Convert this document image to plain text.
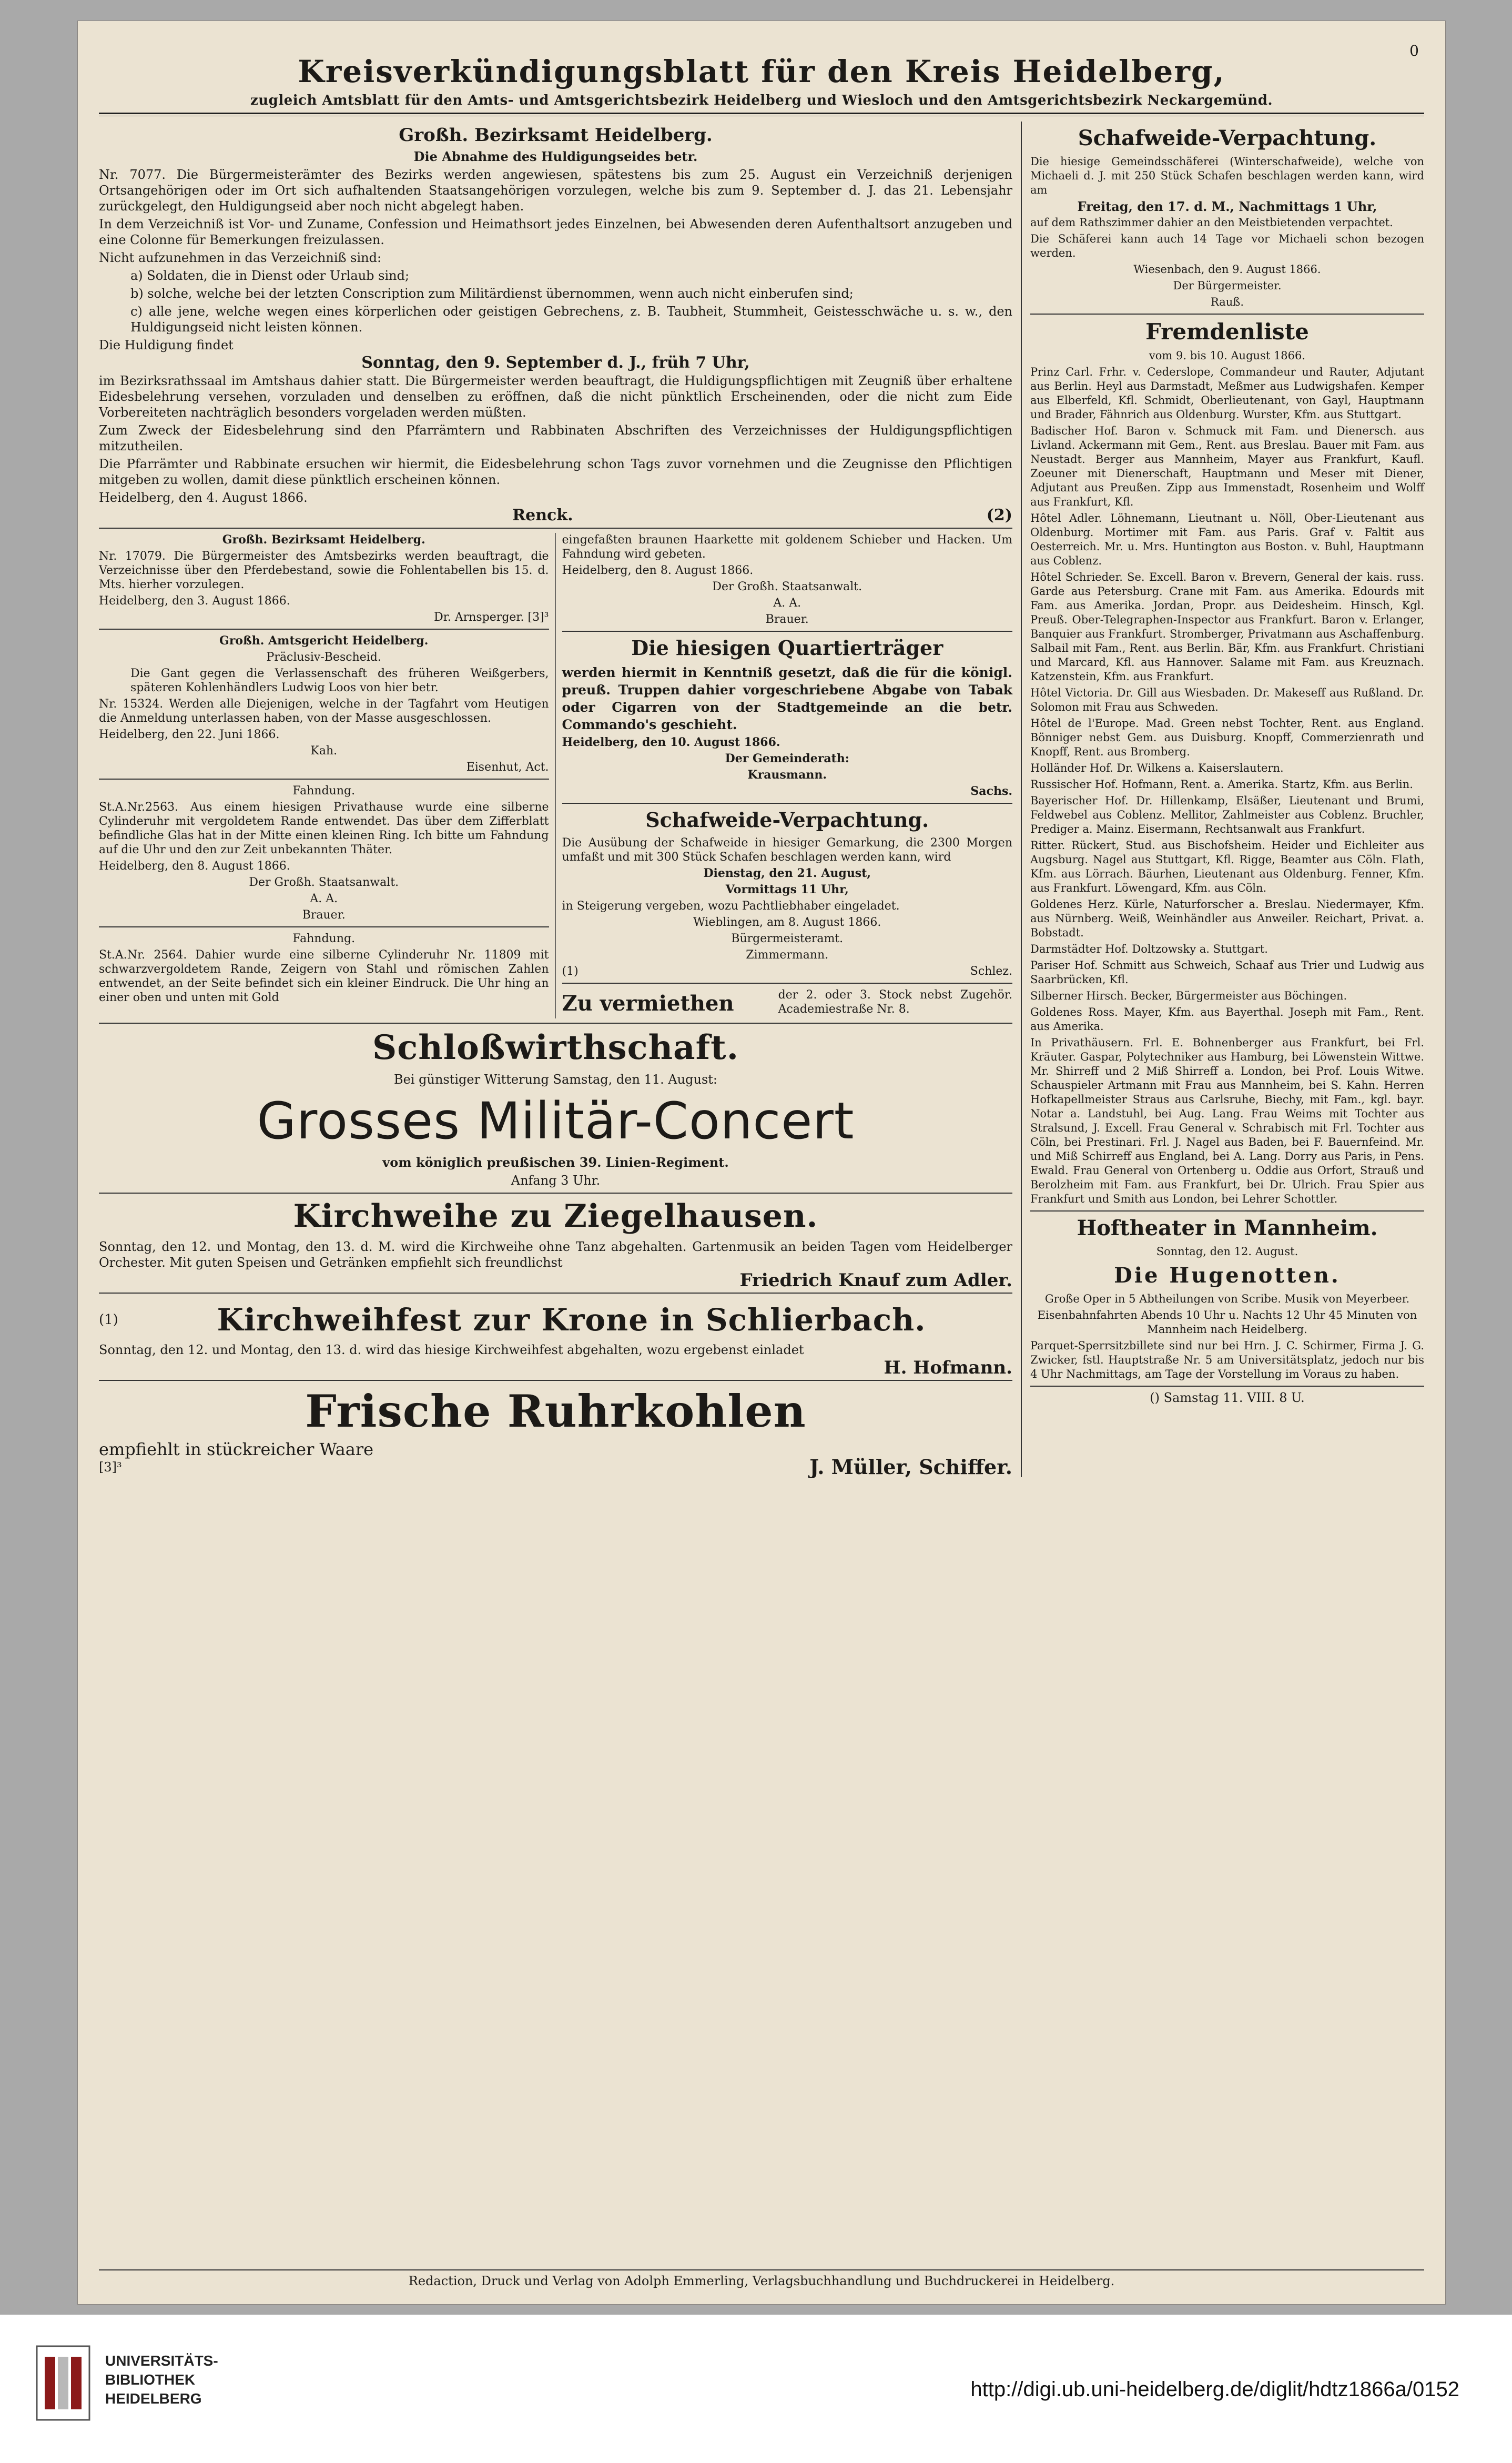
0
Kreisverkündigungsblatt für den Kreis Heidelberg,
zugleich Amtsblatt für den Amts- und Amtsgerichtsbezirk Heidelberg und Wiesloch und den Amtsgerichtsbezirk Neckargemünd.
Großh. Bezirksamt Heidelberg.

Die Abnahme des Huldigungseides betr.

Nr. 7077. Die Bürgermeisterämter des Bezirks werden angewiesen, spätestens bis zum 25. August ein Verzeichniß derjenigen Ortsangehörigen oder im Ort sich aufhaltenden Staatsangehörigen vorzulegen, welche bis zum 9. September d. J. das 21. Lebensjahr zurückgelegt, den Huldigungseid aber noch nicht abgelegt haben.

In dem Verzeichniß ist Vor- und Zuname, Confession und Heimathsort jedes Einzelnen, bei Abwesenden deren Aufenthaltsort anzugeben und eine Colonne für Bemerkungen freizulassen.

Nicht aufzunehmen in das Verzeichniß sind:

a) Soldaten, die in Dienst oder Urlaub sind;

b) solche, welche bei der letzten Conscription zum Militärdienst übernommen, wenn auch nicht einberufen sind;

c) alle jene, welche wegen eines körperlichen oder geistigen Gebrechens, z. B. Taubheit, Stummheit, Geistesschwäche u. s. w., den Huldigungseid nicht leisten können.

Die Huldigung findet

Sonntag, den 9. September d. J., früh 7 Uhr,

im Bezirksrathssaal im Amtshaus dahier statt. Die Bürgermeister werden beauftragt, die Huldigungspflichtigen mit Zeugniß über erhaltene Eidesbelehrung versehen, vorzuladen und denselben zu eröffnen, daß die nicht pünktlich Erscheinenden, oder die nicht zum Eide Vorbereiteten nachträglich besonders vorgeladen werden müßten.

Zum Zweck der Eidesbelehrung sind den Pfarrämtern und Rabbinaten Abschriften des Verzeichnisses der Huldigungspflichtigen mitzutheilen.

Die Pfarrämter und Rabbinate ersuchen wir hiermit, die Eidesbelehrung schon Tags zuvor vornehmen und die Zeugnisse den Pflichtigen mitgeben zu wollen, damit diese pünktlich erscheinen können.

Heidelberg, den 4. August 1866.

Renck.	(2)

Großh. Bezirksamt Heidelberg.

Nr. 17079. Die Bürgermeister des Amtsbezirks werden beauftragt, die Verzeichnisse über den Pferdebestand, sowie die Fohlentabellen bis 15. d. Mts. hierher vorzulegen.

Heidelberg, den 3. August 1866.

Dr. Arnsperger. [3]³

Großh. Amtsgericht Heidelberg.

Präclusiv-Bescheid.

Die Gant gegen die Verlassenschaft des früheren Weißgerbers, späteren Kohlenhändlers Ludwig Loos von hier betr.

Nr. 15324. Werden alle Diejenigen, welche in der Tagfahrt vom Heutigen die Anmeldung unterlassen haben, von der Masse ausgeschlossen.

Heidelberg, den 22. Juni 1866.

Kah.

Eisenhut, Act.

Fahndung.

St.A.Nr.2563. Aus einem hiesigen Privathause wurde eine silberne Cylinderuhr mit vergoldetem Rande entwendet. Das über dem Zifferblatt befindliche Glas hat in der Mitte einen kleinen Ring. Ich bitte um Fahndung auf die Uhr und den zur Zeit unbekannten Thäter.

Heidelberg, den 8. August 1866.

Der Großh. Staatsanwalt.

A. A.

Brauer.

Fahndung.

St.A.Nr. 2564. Dahier wurde eine silberne Cylinderuhr Nr. 11809 mit schwarzvergoldetem Rande, Zeigern von Stahl und römischen Zahlen entwendet, an der Seite befindet sich ein kleiner Eindruck. Die Uhr hing an einer oben und unten mit Gold

eingefaßten braunen Haarkette mit goldenem Schieber und Hacken. Um Fahndung wird gebeten.

Heidelberg, den 8. August 1866.

Der Großh. Staatsanwalt.

A. A.

Brauer.

Die hiesigen Quartierträger

werden hiermit in Kenntniß gesetzt, daß die für die königl. preuß. Truppen dahier vorgeschriebene Abgabe von Tabak oder Cigarren von der Stadtgemeinde an die betr. Commando's geschieht.

Heidelberg, den 10. August 1866.

Der Gemeinderath:

Krausmann.

Sachs.

Schafweide-Verpachtung.

Die Ausübung der Schafweide in hiesiger Gemarkung, die 2300 Morgen umfaßt und mit 300 Stück Schafen beschlagen werden kann, wird

Dienstag, den 21. August,

Vormittags 11 Uhr,

in Steigerung vergeben, wozu Pachtliebhaber eingeladet.

Wieblingen, am 8. August 1866.

Bürgermeisteramt.

Zimmermann.

(1)	Schlez.

Zu vermiethen	der 2. oder 3. Stock nebst Zugehör. Academiestraße Nr. 8.

Schloßwirthschaft.

Bei günstiger Witterung Samstag, den 11. August:

Grosses Militär-Concert

vom königlich preußischen 39. Linien-Regiment.

Anfang 3 Uhr.

Kirchweihe zu Ziegelhausen.

Sonntag, den 12. und Montag, den 13. d. M. wird die Kirchweihe ohne Tanz abgehalten. Gartenmusik an beiden Tagen vom Heidelberger Orchester. Mit guten Speisen und Getränken empfiehlt sich freundlichst

Friedrich Knauf zum Adler.

(1)	Kirchweihfest zur Krone in Schlierbach.

Sonntag, den 12. und Montag, den 13. d. wird das hiesige Kirchweihfest abgehalten, wozu ergebenst einladet

H. Hofmann.

Frische Ruhrkohlen

empfiehlt in stückreicher Waare

[3]³	J. Müller, Schiffer.

Schafweide-Verpachtung.

Die hiesige Gemeindsschäferei (Winterschafweide), welche von Michaeli d. J. mit 250 Stück Schafen beschlagen werden kann, wird am

Freitag, den 17. d. M., Nachmittags 1 Uhr,

auf dem Rathszimmer dahier an den Meistbietenden verpachtet.

Die Schäferei kann auch 14 Tage vor Michaeli schon bezogen werden.

Wiesenbach, den 9. August 1866.

Der Bürgermeister.

Rauß.

Fremdenliste

vom 9. bis 10. August 1866.

Prinz Carl. Frhr. v. Cederslope, Commandeur und Rauter, Adjutant aus Berlin. Heyl aus Darmstadt, Meßmer aus Ludwigshafen. Kemper aus Elberfeld, Kfl. Schmidt, Oberlieutenant, von Gayl, Hauptmann und Brader, Fähnrich aus Oldenburg. Wurster, Kfm. aus Stuttgart.

Badischer Hof. Baron v. Schmuck mit Fam. und Dienersch. aus Livland. Ackermann mit Gem., Rent. aus Breslau. Bauer mit Fam. aus Neustadt. Berger aus Mannheim, Mayer aus Frankfurt, Kaufl. Zoeuner mit Dienerschaft, Hauptmann und Meser mit Diener, Adjutant aus Preußen. Zipp aus Immenstadt, Rosenheim und Wolff aus Frankfurt, Kfl.

Hôtel Adler. Löhnemann, Lieutnant u. Nöll, Ober-Lieutenant aus Oldenburg. Mortimer mit Fam. aus Paris. Graf v. Faltit aus Oesterreich. Mr. u. Mrs. Huntington aus Boston. v. Buhl, Hauptmann aus Coblenz.

Hôtel Schrieder. Se. Excell. Baron v. Brevern, General der kais. russ. Garde aus Petersburg. Crane mit Fam. aus Amerika. Edourds mit Fam. aus Amerika. Jordan, Propr. aus Deidesheim. Hinsch, Kgl. Preuß. Ober-Telegraphen-Inspector aus Frankfurt. Baron v. Erlanger, Banquier aus Frankfurt. Stromberger, Privatmann aus Aschaffenburg. Salbail mit Fam., Rent. aus Berlin. Bär, Kfm. aus Frankfurt. Christiani und Marcard, Kfl. aus Hannover. Salame mit Fam. aus Kreuznach. Katzenstein, Kfm. aus Frankfurt.

Hôtel Victoria. Dr. Gill aus Wiesbaden. Dr. Makeseff aus Rußland. Dr. Solomon mit Frau aus Schweden.

Hôtel de l'Europe. Mad. Green nebst Tochter, Rent. aus England. Bönniger nebst Gem. aus Duisburg. Knopff, Commerzienrath und Knopff, Rent. aus Bromberg.

Holländer Hof. Dr. Wilkens a. Kaiserslautern.

Russischer Hof. Hofmann, Rent. a. Amerika. Startz, Kfm. aus Berlin.

Bayerischer Hof. Dr. Hillenkamp, Elsäßer, Lieutenant und Brumi, Feldwebel aus Coblenz. Mellitor, Zahlmeister aus Coblenz. Bruchler, Prediger a. Mainz. Eisermann, Rechtsanwalt aus Frankfurt.

Ritter. Rückert, Stud. aus Bischofsheim. Heider und Eichleiter aus Augsburg. Nagel aus Stuttgart, Kfl. Rigge, Beamter aus Cöln. Flath, Kfm. aus Lörrach. Bäurhen, Lieutenant aus Oldenburg. Fenner, Kfm. aus Frankfurt. Löwengard, Kfm. aus Cöln.

Goldenes Herz. Kürle, Naturforscher a. Breslau. Niedermayer, Kfm. aus Nürnberg. Weiß, Weinhändler aus Anweiler. Reichart, Privat. a. Bobstadt.

Darmstädter Hof. Doltzowsky a. Stuttgart.

Pariser Hof. Schmitt aus Schweich, Schaaf aus Trier und Ludwig aus Saarbrücken, Kfl.

Silberner Hirsch. Becker, Bürgermeister aus Böchingen.

Goldenes Ross. Mayer, Kfm. aus Bayerthal. Joseph mit Fam., Rent. aus Amerika.

In Privathäusern. Frl. E. Bohnenberger aus Frankfurt, bei Frl. Kräuter. Gaspar, Polytechniker aus Hamburg, bei Löwenstein Wittwe. Mr. Shirreff und 2 Miß Shirreff a. London, bei Prof. Louis Witwe. Schauspieler Artmann mit Frau aus Mannheim, bei S. Kahn. Herren Hofkapellmeister Straus aus Carlsruhe, Biechy, mit Fam., kgl. bayr. Notar a. Landstuhl, bei Aug. Lang. Frau Weims mit Tochter aus Stralsund, J. Excell. Frau General v. Schrabisch mit Frl. Tochter aus Cöln, bei Prestinari. Frl. J. Nagel aus Baden, bei F. Bauernfeind. Mr. und Miß Schirreff aus England, bei A. Lang. Dorry aus Paris, in Pens. Ewald. Frau General von Ortenberg u. Oddie aus Orfort, Strauß und Berolzheim mit Fam. aus Frankfurt, bei Dr. Ulrich. Frau Spier aus Frankfurt und Smith aus London, bei Lehrer Schottler.

Hoftheater in Mannheim.

Sonntag, den 12. August.

Die Hugenotten.

Große Oper in 5 Abtheilungen von Scribe. Musik von Meyerbeer.

Eisenbahnfahrten Abends 10 Uhr u. Nachts 12 Uhr 45 Minuten von Mannheim nach Heidelberg.

Parquet-Sperrsitzbillete sind nur bei Hrn. J. C. Schirmer, Firma J. G. Zwicker, fstl. Hauptstraße Nr. 5 am Universitätsplatz, jedoch nur bis 4 Uhr Nachmittags, am Tage der Vorstellung im Voraus zu haben.

() Samstag 11. VIII. 8 U.

Redaction, Druck und Verlag von Adolph Emmerling, Verlagsbuchhandlung und Buchdruckerei in Heidelberg.
UNIVERSITÄTS-
BIBLIOTHEK
HEIDELBERG	http://digi.ub.uni-heidelberg.de/diglit/hdtz1866a/0152
